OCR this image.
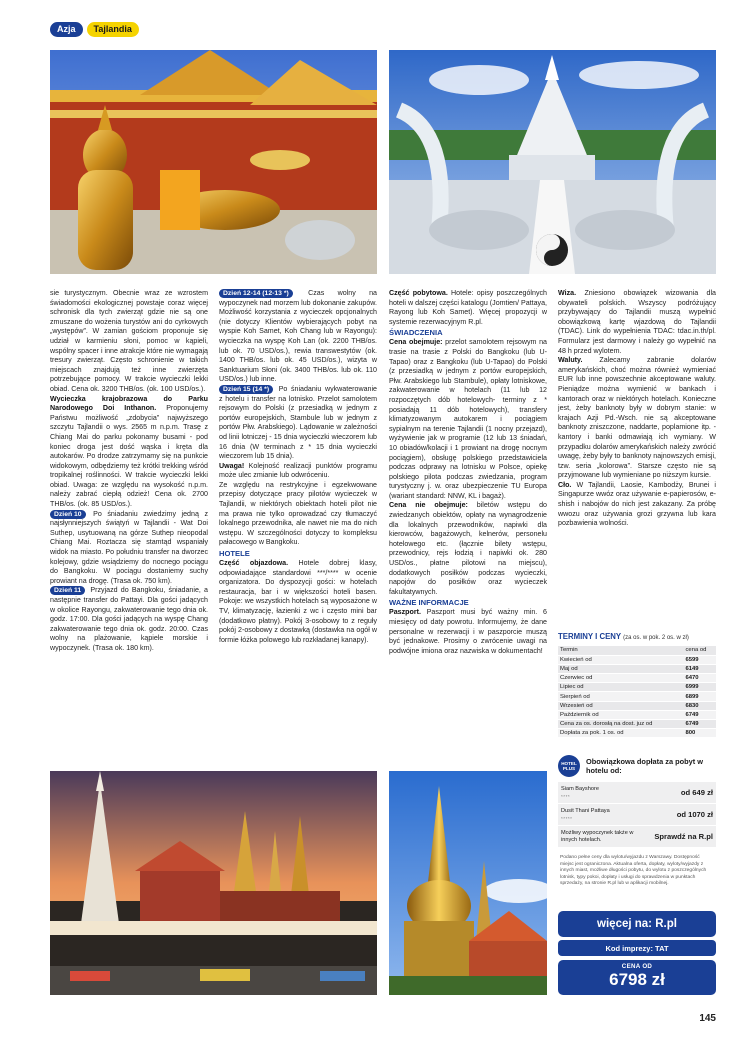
Azja	Tajlandia

sie turystycznym. Obecnie wraz ze wzrostem świadomości ekologicznej powstaje coraz więcej schronisk dla tych zwierząt gdzie nie są one zmuszane do wożenia turystów ani do cyrkowych „występów”. W zamian gościom proponuje się udział w karmieniu słoni, pomoc w kąpieli, wspólny spacer i inne atrakcje które nie wymagają tresury zwierząt. Często schronienie w takich miejscach znajdują też inne zwierzęta potrzebujące pomocy. W trakcie wycieczki lekki obiad. Cena ok. 3200 THB/os. (ok. 100 USD/os.).

Wycieczka krajobrazowa do Parku Narodowego Doi Inthanon. Proponujemy Państwu możliwość „zdobycia” najwyższego szczytu Tajlandii o wys. 2565 m n.p.m. Trasę z Chiang Mai do parku pokonamy busami - pod koniec droga jest dość wąska i kręta dla autokarów. Po drodze zatrzymamy się na punkcie widokowym, odbędziemy też krótki trekking wśród tropikalnej roślinności. W trakcie wycieczki lekki obiad. Uwaga: ze względu na wysokość n.p.m. należy zabrać ciepłą odzież! Cena ok. 2700 THB/os. (ok. 85 USD/os.).

Dzień 10 Po śniadaniu zwiedzimy jedną z najsłynniejszych świątyń w Tajlandii - Wat Doi Suthep, usytuowaną na górze Suthep nieopodal Chiang Mai. Roztacza się stamtąd wspaniały widok na miasto. Po południu transfer na dworzec kolejowy, gdzie wsiądziemy do nocnego pociągu do Bangkoku. W pociągu dostaniemy suchy prowiant na drogę. (Trasa ok. 750 km).

Dzień 11 Przyjazd do Bangkoku, śniadanie, a następnie transfer do Pattayi. Dla gości jadących w okolice Rayongu, zakwaterowanie tego dnia ok. godz. 17:00. Dla gości jadących na wyspę Chang zakwaterowanie tego dnia ok. godz. 20:00. Czas wolny na plażowanie, kąpiele morskie i wypoczynek. (Trasa ok. 180 km).

Dzień 12-14 (12-13 *) Czas wolny na wypoczynek nad morzem lub dokonanie zakupów. Możliwość korzystania z wycieczek opcjonalnych (nie dotyczy Klientów wybierających pobyt na wyspie Koh Samet, Koh Chang lub w Rayongu): wycieczka na wyspę Koh Lan (ok. 2200 THB/os. lub ok. 70 USD/os.), rewia transwestytów (ok. 1400 THB/os. lub ok. 45 USD/os.), wizyta w Sanktuarium Słoni (ok. 3400 THB/os. lub ok. 110 USD/os.) lub inne.

Dzień 15 (14 *) Po śniadaniu wykwaterowanie z hotelu i transfer na lotnisko. Przelot samolotem rejsowym do Polski (z przesiadką w jednym z portów europejskich, Stambule lub w jednym z portów Płw. Arabskiego). Lądowanie w zależności od linii lotniczej - 15 dnia wycieczki wieczorem lub 16 dnia (W terminach z * 15 dnia wycieczki wieczorem lub 15 dnia).

Uwaga! Kolejność realizacji punktów programu może ulec zmianie lub odwróceniu.

Ze względu na restrykcyjne i egzekwowane przepisy dotyczące pracy pilotów wycieczek w Tajlandii, w niektórych obiektach hoteli pilot nie ma prawa nie tylko oprowadzać czy tłumaczyć lokalnego przewodnika, ale nawet nie ma do nich wstępu. W szczególności dotyczy to kompleksu pałacowego w Bangkoku.

HOTELE

Część objazdowa. Hotele dobrej klasy, odpowiadające standardowi ***/**** w ocenie organizatora. Do dyspozycji gości: w hotelach restauracja, bar i w większości hoteli basen. Pokoje: we wszystkich hotelach są wyposażone w TV, klimatyzację, łazienki z wc i często mini bar (dodatkowo płatny). Pokój 3-osobowy to z reguły pokój 2-osobowy z dostawką (dostawka na ogół w formie łóżka polowego lub rozkładanej kanapy).

Część pobytowa. Hotele: opisy poszczególnych hoteli w dalszej części katalogu (Jomtien/ Pattaya, Rayong lub Koh Samet). Więcej propozycji w systemie rezerwacyjnym R.pl.

ŚWIADCZENIA

Cena obejmuje: przelot samolotem rejsowym na trasie na trasie z Polski do Bangkoku (lub U-Tapao) oraz z Bangkoku (lub U-Tapao) do Polski (z przesiadką w jednym z portów europejskich, Płw. Arabskiego lub Stambule), opłaty lotniskowe, zakwaterowanie w hotelach (11 lub 12 rozpoczętych dób hotelowych- terminy z * posiadają 11 dób hotelowych), transfery klimatyzowanym autokarem i pociągiem sypialnym na terenie Tajlandii (1 nocny przejazd), wyżywienie jak w programie (12 lub 13 śniadań, 10 obiadów/kolacji i 1 prowiant na drogę nocnym pociągiem), obsługę polskiego przedstawiciela podczas odprawy na lotnisku w Polsce, opiekę polskiego pilota podczas zwiedzania, program turystyczny j. w. oraz ubezpieczenie TU Europa (wariant standard: NNW, KL i bagaż).

Cena nie obejmuje: biletów wstępu do zwiedzanych obiektów, opłaty na wynagrodzenie dla lokalnych przewodników, napiwki dla kierowców, bagażowych, kelnerów, personelu hotelowego etc. (łącznie bilety wstępu, przewodnicy, rejs łodzią i napiwki ok. 280 USD/os., płatne pilotowi na miejscu), dodatkowych posiłków podczas wycieczki, napojów do posiłków oraz wycieczek fakultatywnych.

WAŻNE INFORMACJE

Paszport. Paszport musi być ważny min. 6 miesięcy od daty powrotu. Informujemy, że dane personalne w rezerwacji i w paszporcie muszą być jednakowe. Prosimy o zwrócenie uwagi na podwójne imiona oraz nazwiska w dokumentach!

Wiza. Zniesiono obowiązek wizowania dla obywateli polskich. Wszyscy podróżujący przybywający do Tajlandii muszą wypełnić obowiązkową kartę wjazdową do Tajlandii (TDAC). Link do wypełnienia TDAC: tdac.in.th/pl. Formularz jest darmowy i należy go wypełnić na 48 h przed wylotem.

Waluty. Zalecamy zabranie dolarów amerykańskich, choć można również wymieniać EUR lub inne powszechnie akceptowane waluty. Pieniądze można wymienić w bankach i kantorach oraz w niektórych hotelach. Konieczne jest, żeby banknoty były w dobrym stanie: w krajach Azji Pd.-Wsch. nie są akceptowane banknoty zniszczone, naddarte, poplamione itp. - kantory i banki odmawiają ich wymiany. W przypadku dolarów amerykańskich należy zwrócić uwagę, żeby były to banknoty najnowszych emisji, tzw. seria „kolorowa”. Starsze często nie są przyjmowane lub wymieniane po niższym kursie.

Cło. W Tajlandii, Laosie, Kambodży, Brunei i Singapurze wwóz oraz używanie e-papierosów, e-shish i nabojów do nich jest zakazany. Za próbę wwozu oraz używania grozi grzywna lub kara pozbawienia wolności.

TERMINY I CENY (za os. w pok. 2 os. w zł)
Termin	cena od
Kwiecień od	6599
Maj od	6149
Czerwiec od	6470
Lipiec od	6999
Sierpień od	6899
Wrzesień od	6830
Październik od	6749
Cena za os. dorosłą na dost. juz od	6749
Dopłata za pok. 1 os. od	800
HOTEL PLUS
Obowiązkowa dopłata za pobyt w hotelu od:
Siam Bayshore
****	od 649 zł
Dusit Thani Pattaya
*****	od 1070 zł
Możliwy wypoczynek także w innych hotelach.	Sprawdź na R.pl
Podano pełne ceny dla wylotu/wyjazdu z Warszawy. Dostępność miejsc jest ograniczona. Aktualna oferta, dopłaty, wyloty/wyjazdy z innych miast, możliwe długości pobytu, do wylotu z poszczególnych lotnisk, typy pokoi, dopłaty i usługi do sprawdzenia w punktach sprzedaży, na stronie R.pl lub w aplikacji mobilnej.
więcej na: R.pl
Kod imprezy: TAT
CENA OD
6798 zł
145
